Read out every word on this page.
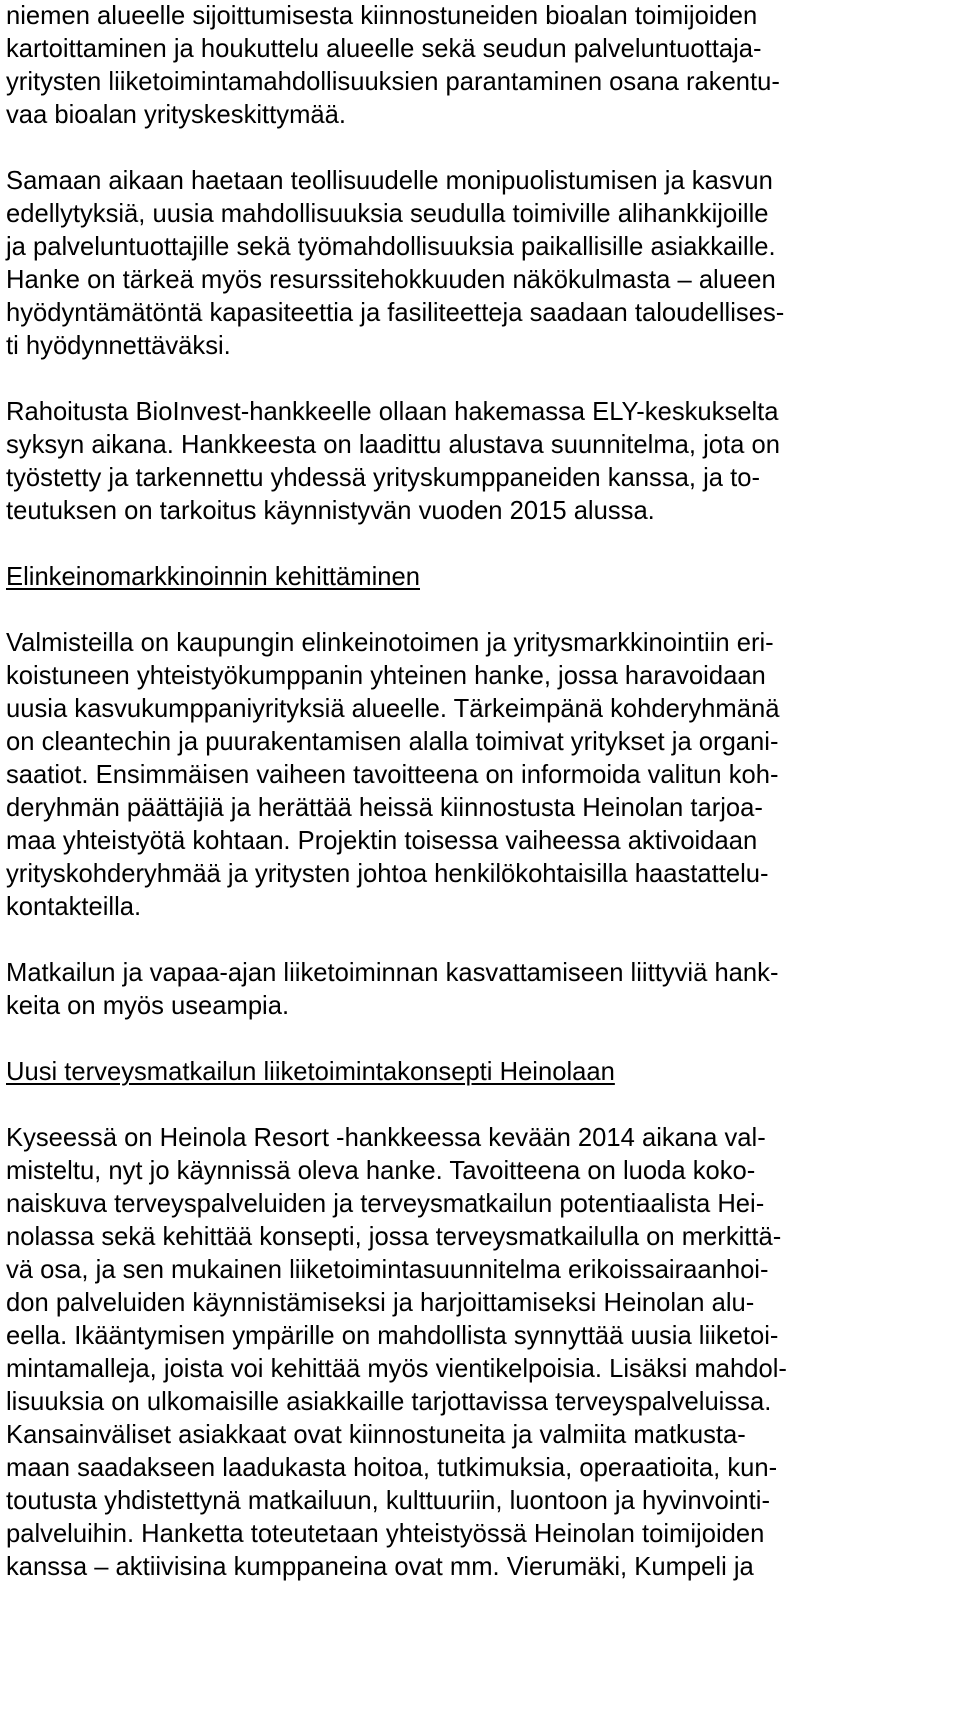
niemen alueelle sijoittumisesta kiinnostuneiden bioalan toimijoiden
kartoittaminen ja houkuttelu alueelle sekä seudun palveluntuottaja-
yritysten liiketoimintamahdollisuuksien parantaminen osana rakentu-
vaa bioalan yrityskeskittymää.

Samaan aikaan haetaan teollisuudelle monipuolistumisen ja kasvun
edellytyksiä, uusia mahdollisuuksia seudulla toimiville alihankkijoille
ja palveluntuottajille sekä työmahdollisuuksia paikallisille asiakkaille.
Hanke on tärkeä myös resurssitehokkuuden näkökulmasta – alueen
hyödyntämätöntä kapasiteettia ja fasiliteetteja saadaan taloudellises-
ti hyödynnettäväksi.

Rahoitusta BioInvest-hankkeelle ollaan hakemassa ELY-keskukselta
syksyn aikana. Hankkeesta on laadittu alustava suunnitelma, jota on
työstetty ja tarkennettu yhdessä yrityskumppaneiden kanssa, ja to-
teutuksen on tarkoitus käynnistyvän vuoden 2015 alussa.

Elinkeinomarkkinoinnin kehittäminen

Valmisteilla on kaupungin elinkeinotoimen ja yritysmarkkinointiin eri-
koistuneen yhteistyökumppanin yhteinen hanke, jossa haravoidaan
uusia kasvukumppaniyrityksiä alueelle. Tärkeimpänä kohderyhmänä
on cleantechin ja puurakentamisen alalla toimivat yritykset ja organi-
saatiot. Ensimmäisen vaiheen tavoitteena on informoida valitun koh-
deryhmän päättäjiä ja herättää heissä kiinnostusta Heinolan tarjoa-
maa yhteistyötä kohtaan. Projektin toisessa vaiheessa aktivoidaan
yrityskohderyhmää ja yritysten johtoa henkilökohtaisilla haastattelu-
kontakteilla.

Matkailun ja vapaa-ajan liiketoiminnan kasvattamiseen liittyviä hank-
keita on myös useampia.

Uusi terveysmatkailun liiketoimintakonsepti Heinolaan

Kyseessä on Heinola Resort -hankkeessa kevään 2014 aikana val-
misteltu, nyt jo käynnissä oleva hanke. Tavoitteena on luoda koko-
naiskuva terveyspalveluiden ja terveysmatkailun potentiaalista Hei-
nolassa sekä kehittää konsepti, jossa terveysmatkailulla on merkittä-
vä osa, ja sen mukainen liiketoimintasuunnitelma erikoissairaanhoi-
don palveluiden käynnistämiseksi ja harjoittamiseksi Heinolan alu-
eella. Ikääntymisen ympärille on mahdollista synnyttää uusia liiketoi-
mintamalleja, joista voi kehittää myös vientikelpoisia. Lisäksi mahdol-
lisuuksia on ulkomaisille asiakkaille tarjottavissa terveyspalveluissa.
Kansainväliset asiakkaat ovat kiinnostuneita ja valmiita matkusta-
maan saadakseen laadukasta hoitoa, tutkimuksia, operaatioita, kun-
toutusta yhdistettynä matkailuun, kulttuuriin, luontoon ja hyvinvointi-
palveluihin. Hanketta toteutetaan yhteistyössä Heinolan toimijoiden
kanssa – aktiivisina kumppaneina ovat mm. Vierumäki, Kumpeli ja
